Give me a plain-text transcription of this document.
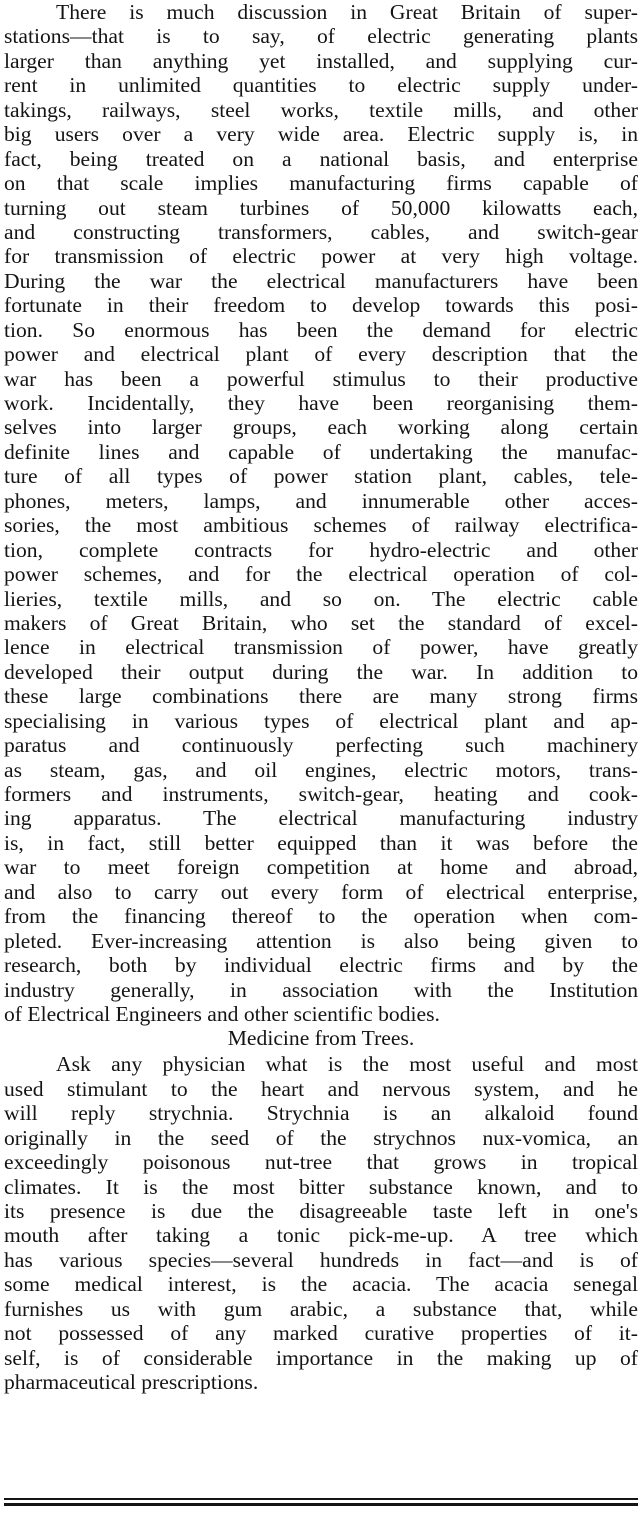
There is much discussion in Great Britain of super-
stations—that is to say, of electric generating plants
larger than anything yet installed, and supplying cur-
rent in unlimited quantities to electric supply under-
takings, railways, steel works, textile mills, and other
big users over a very wide area. Electric supply is, in
fact, being treated on a national basis, and enterprise
on that scale implies manufacturing firms capable of
turning out steam turbines of 50,000 kilowatts each,
and constructing transformers, cables, and switch-gear
for transmission of electric power at very high voltage.
During the war the electrical manufacturers have been
fortunate in their freedom to develop towards this posi-
tion. So enormous has been the demand for electric
power and electrical plant of every description that the
war has been a powerful stimulus to their productive
work. Incidentally, they have been reorganising them-
selves into larger groups, each working along certain
definite lines and capable of undertaking the manufac-
ture of all types of power station plant, cables, tele-
phones, meters, lamps, and innumerable other acces-
sories, the most ambitious schemes of railway electrifica-
tion, complete contracts for hydro-electric and other
power schemes, and for the electrical operation of col-
lieries, textile mills, and so on. The electric cable
makers of Great Britain, who set the standard of excel-
lence in electrical transmission of power, have greatly
developed their output during the war. In addition to
these large combinations there are many strong firms
specialising in various types of electrical plant and ap-
paratus and continuously perfecting such machinery
as steam, gas, and oil engines, electric motors, trans-
formers and instruments, switch-gear, heating and cook-
ing apparatus. The electrical manufacturing industry
is, in fact, still better equipped than it was before the
war to meet foreign competition at home and abroad,
and also to carry out every form of electrical enterprise,
from the financing thereof to the operation when com-
pleted. Ever-increasing attention is also being given to
research, both by individual electric firms and by the
industry generally, in association with the Institution
of Electrical Engineers and other scientific bodies.
Medicine from Trees.
Ask any physician what is the most useful and most
used stimulant to the heart and nervous system, and he
will reply strychnia. Strychnia is an alkaloid found
originally in the seed of the strychnos nux-vomica, an
exceedingly poisonous nut-tree that grows in tropical
climates. It is the most bitter substance known, and to
its presence is due the disagreeable taste left in one's
mouth after taking a tonic pick-me-up. A tree which
has various species—several hundreds in fact—and is of
some medical interest, is the acacia. The acacia senegal
furnishes us with gum arabic, a substance that, while
not possessed of any marked curative properties of it-
self, is of considerable importance in the making up of
pharmaceutical prescriptions.
